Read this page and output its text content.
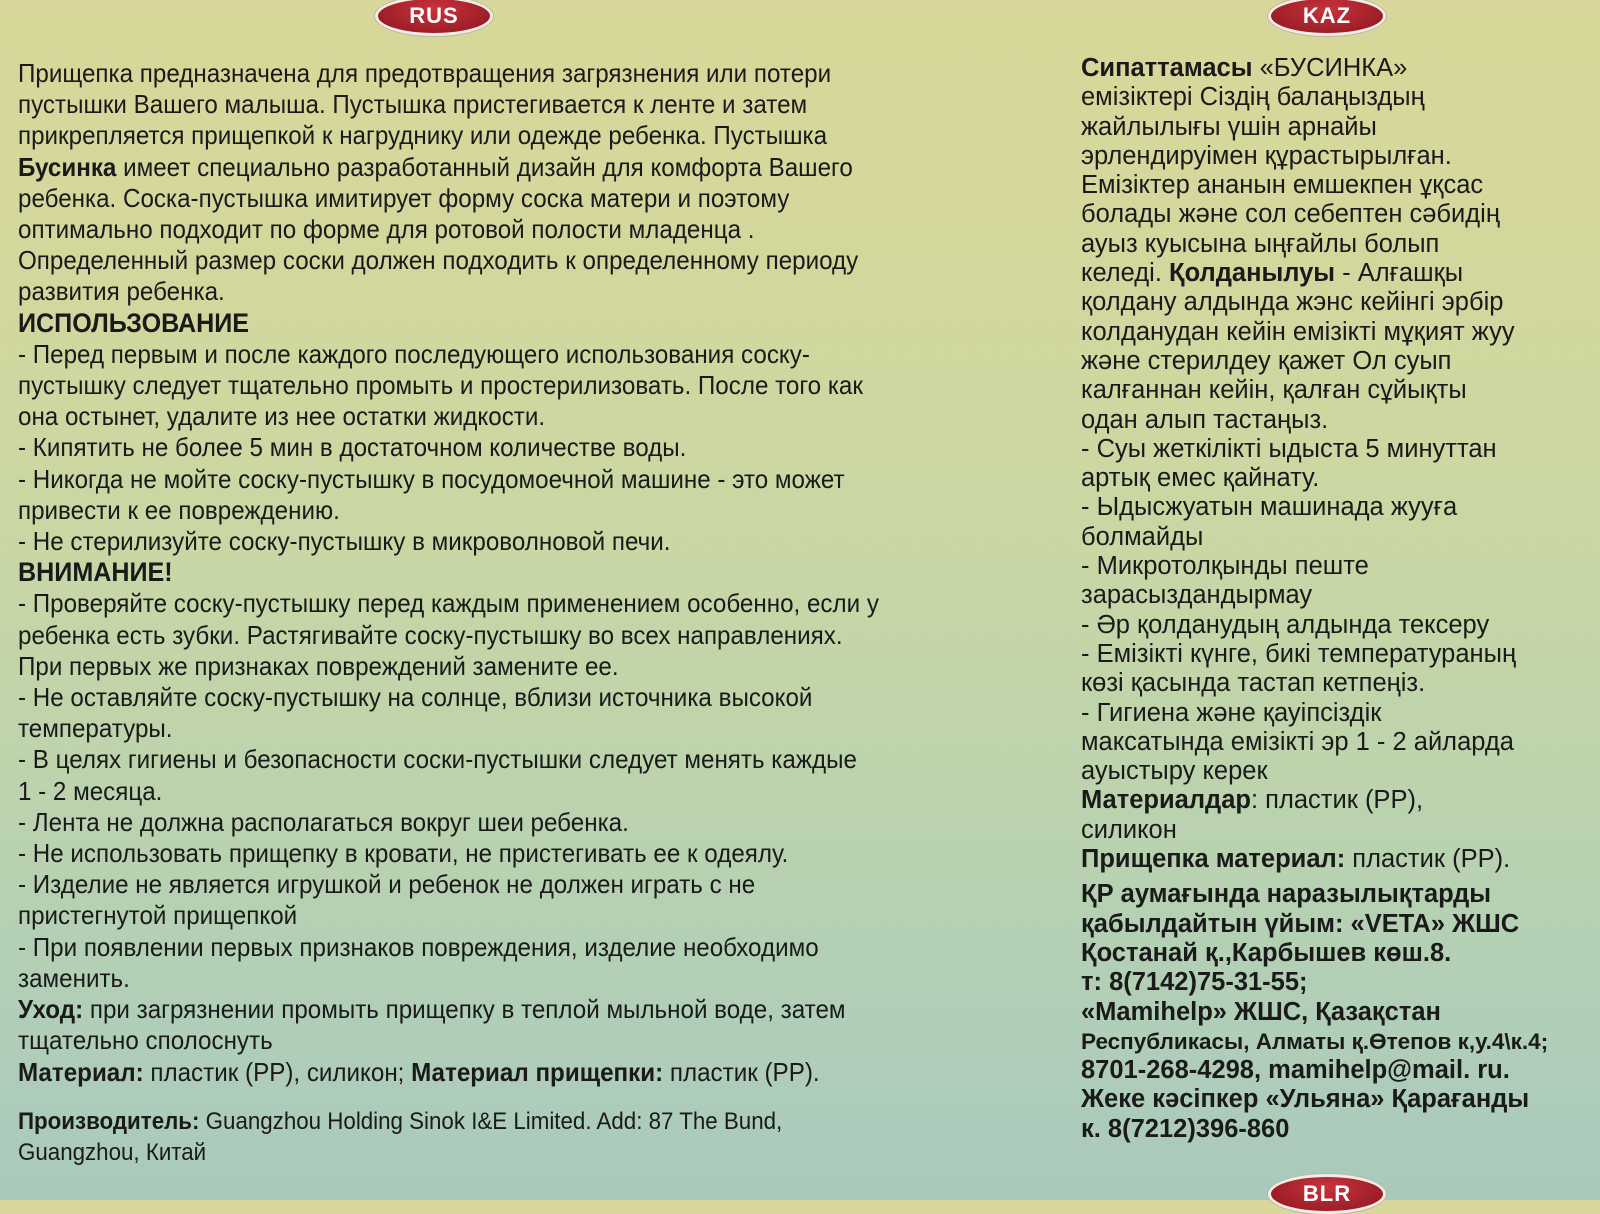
RUS	KAZ
BLR
Прищепка предназначена для предотвращения загрязнения или потери
пустышки Вашего малыша. Пустышка пристегивается к ленте и затем
прикрепляется прищепкой к нагруднику или одежде ребенка. Пустышка
Бусинка имеет специально разработанный дизайн для комфорта Вашего
ребенка. Соска-пустышка имитирует форму соска матери и поэтому
оптимально подходит по форме для ротовой полости младенца .
Определенный размер соски должен подходить к определенному периоду
развития ребенка.
ИСПОЛЬЗОВАНИЕ
- Перед первым и после каждого последующего использования соску-
пустышку следует тщательно промыть и простерилизовать. После того как
она остынет, удалите из нее остатки жидкости.
- Кипятить не более 5 мин в достаточном количестве воды.
- Никогда не мойте соску-пустышку в посудомоечной машине - это может
привести к ее повреждению.
- Не стерилизуйте соску-пустышку в микроволновой печи.
ВНИМАНИЕ!
- Проверяйте соску-пустышку перед каждым применением особенно, если у
ребенка есть зубки. Растягивайте соску-пустышку во всех направлениях.
При первых же признаках повреждений замените ее.
- Не оставляйте соску-пустышку на солнце, вблизи источника высокой
температуры.
- В целях гигиены и безопасности соски-пустышки следует менять каждые
1 - 2 месяца.
- Лента не должна располагаться вокруг шеи ребенка.
- Не использовать прищепку в кровати, не пристегивать ее к одеялу.
- Изделие не является игрушкой и ребенок не должен играть с не
пристегнутой прищепкой
- При появлении первых признаков повреждения, изделие необходимо
заменить.
Уход: при загрязнении промыть прищепку в теплой мыльной воде, затем
тщательно сполоснуть
Материал: пластик (PP), силикон; Материал прищепки: пластик (PP).
Производитель: Guangzhou Holding Sinok I&E Limited. Add: 87 The Bund,
Guangzhou, Китай
Сипаттамасы «БУСИНКА»
емізіктері Сіздің балаңыздың
жайлылығы үшін арнайы
эрлендируімен құрастырылған.
Емізіктер ананын емшекпен ұқсас
болады және сол себептен сәбидің
ауыз куысына ыңғайлы болып
келеді. Қолданылуы - Алғашқы
қолдану алдында жэнс кейінгі эрбір
колданудан кейін емізікті мұқият жуу
және стерилдеу қажет Ол суып
калғаннан кейін, қалған сұйықты
одан алып тастаңыз.
- Суы жеткілікті ыдыста 5 минуттан
артық емес қайнату.
- Ыдысжуатын машинада жууға
болмайды
- Микротолқынды пеште
зарасыздандырмау
- Әр қолданудың алдында тексеру
- Емізікті күнге, бикі температураның
көзі қасында тастап кетпеңіз.
- Гигиена және қауіпсіздік
максатында емізікті эр 1 - 2 айларда
ауыстыру керек
Материалдар: пластик (PP),
силикон
Прищепка материал: пластик (PP).
ҚР аумағында наразылықтарды
қабылдайтын үйым: «VETA» ЖШС
Қостанай қ.,Карбышев көш.8.
т: 8(7142)75-31-55;
«Mamihelp» ЖШС, Қазақстан
Республикасы, Алматы қ.Өтепов к,у.4\к.4;
8701-268-4298, mamihelp@mail. ru.
Жеке кәсіпкер «Ульяна» Қарағанды
к. 8(7212)396-860
